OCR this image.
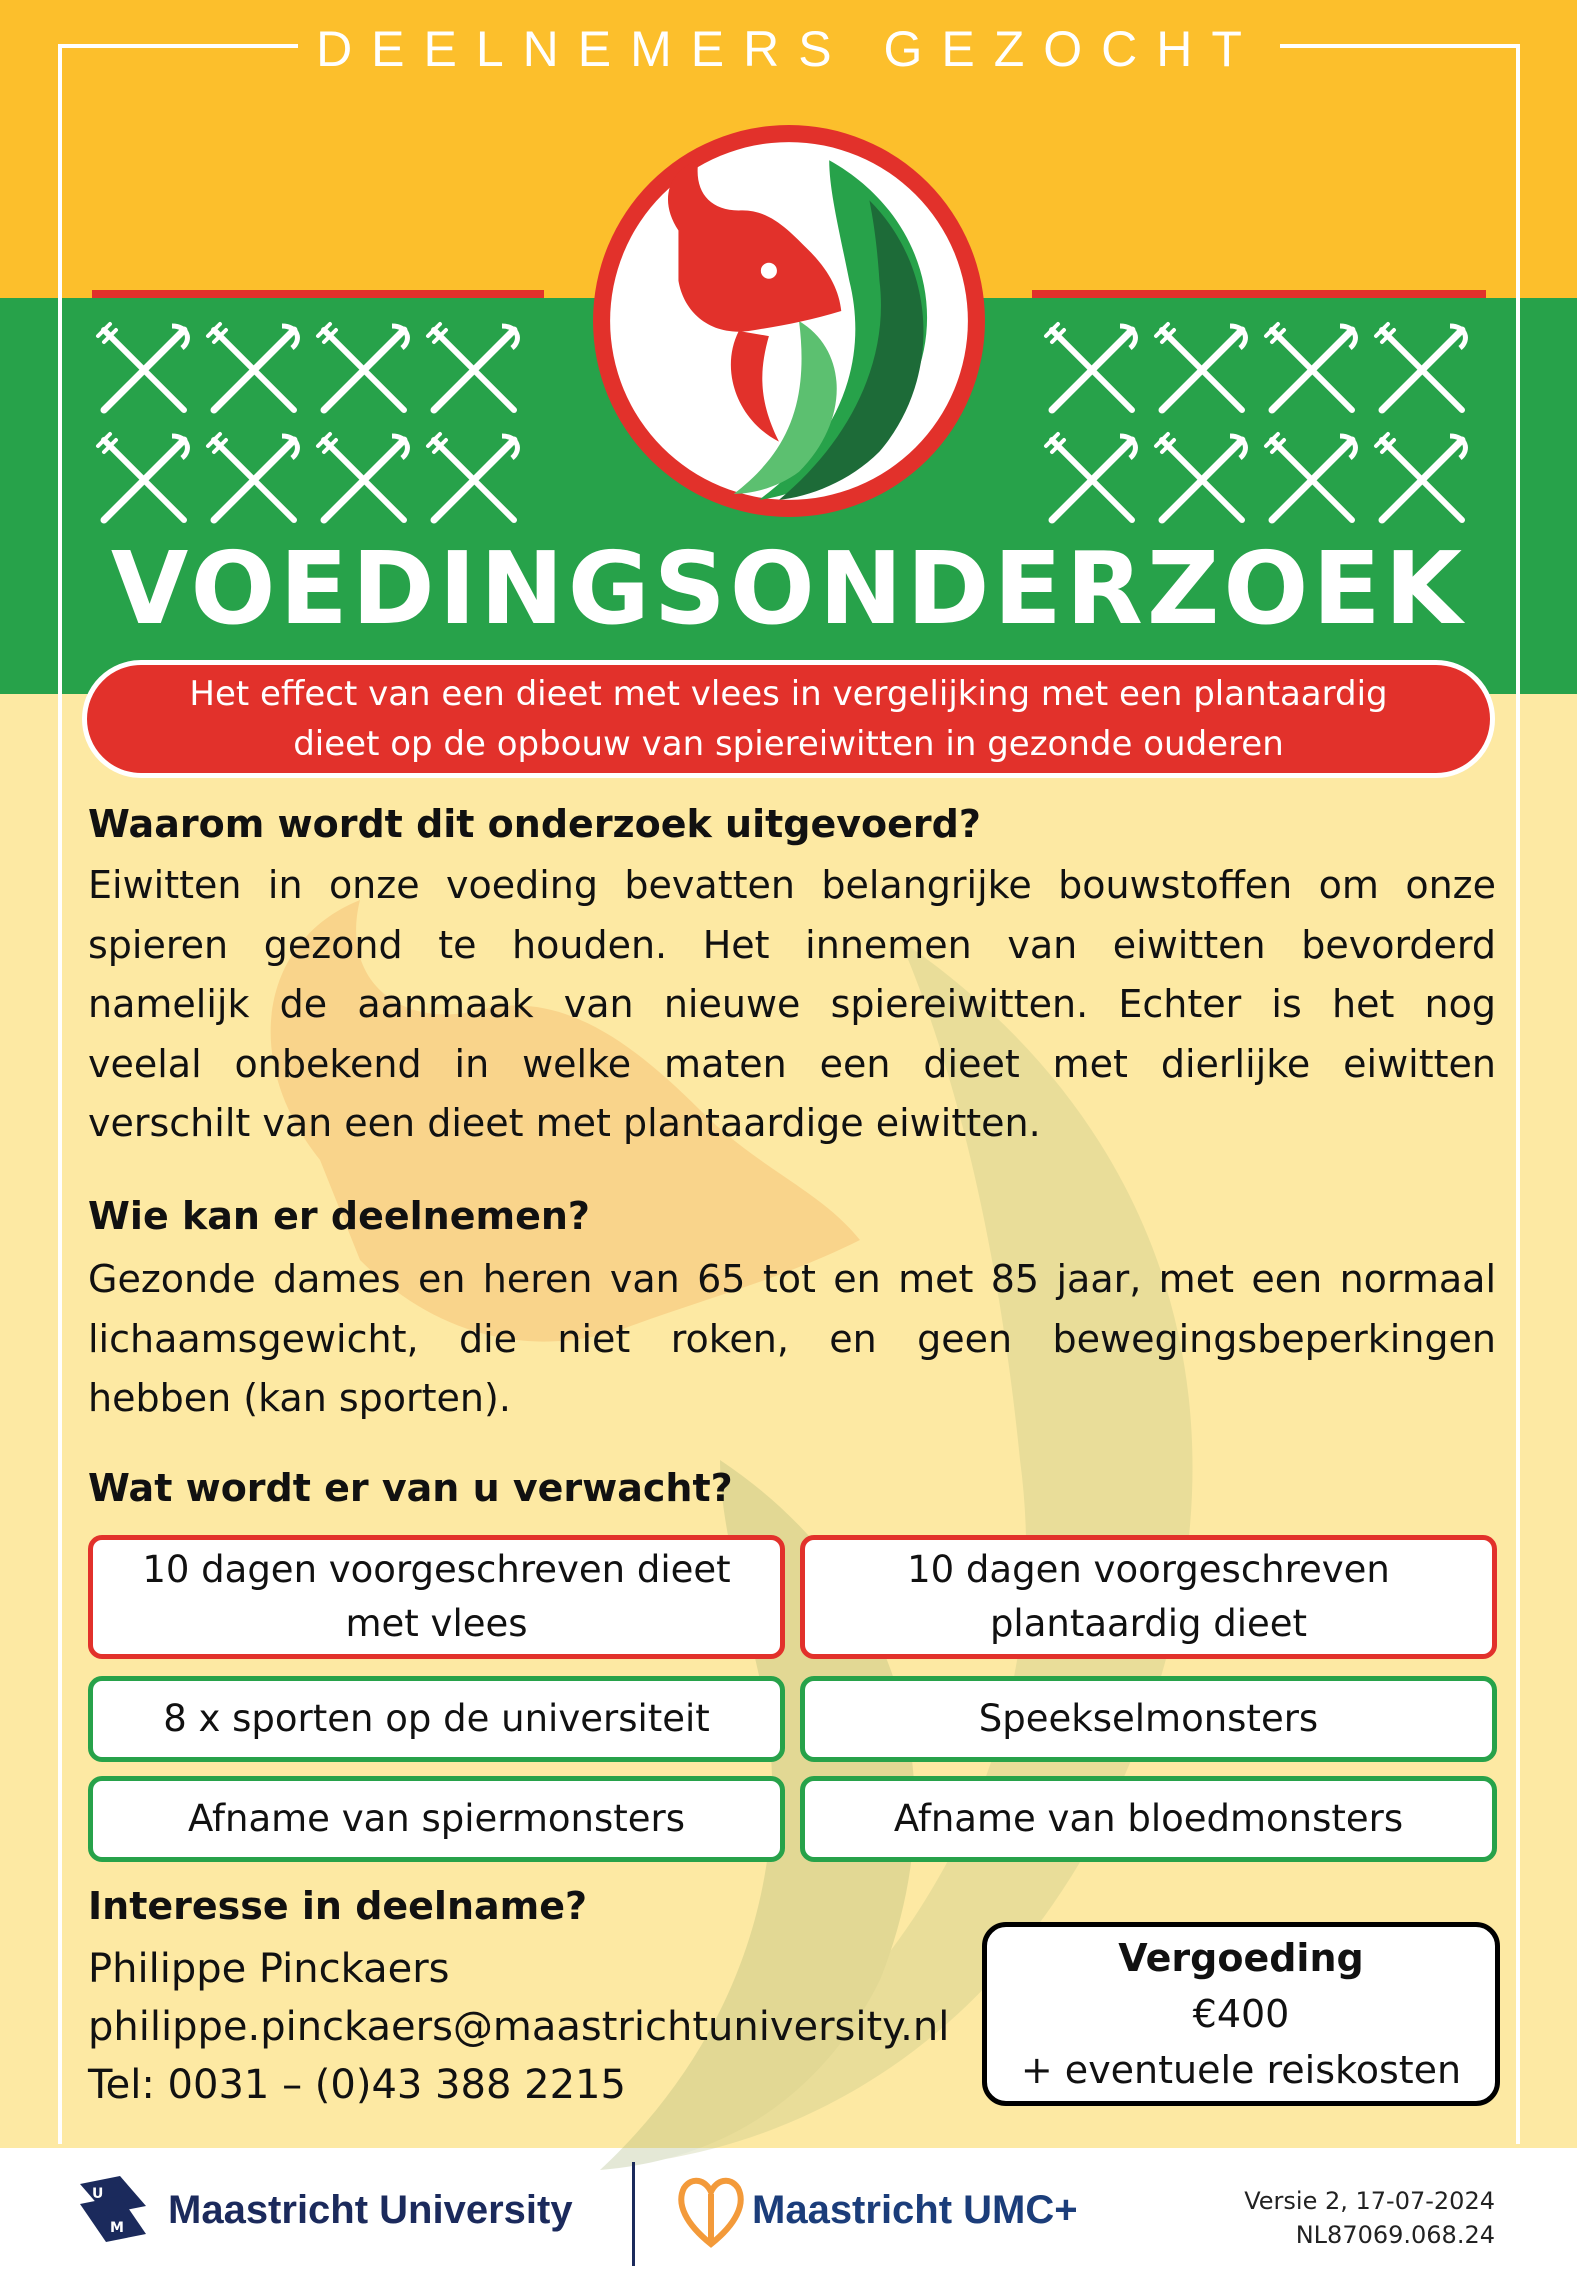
DEELNEMERS GEZOCHT
VOEDINGSONDERZOEK
Het effect van een dieet met vlees in vergelijking met een plantaardig
dieet op de opbouw van spiereiwitten in gezonde ouderen
Waarom wordt dit onderzoek uitgevoerd?
Eiwitten in onze voeding bevatten belangrijke bouwstoffen om onze
spieren gezond te houden. Het innemen van eiwitten bevorderd
namelijk de aanmaak van nieuwe spiereiwitten. Echter is het nog
veelal onbekend in welke maten een dieet met dierlijke eiwitten
verschilt van een dieet met plantaardige eiwitten.
Wie kan er deelnemen?
Gezonde dames en heren van 65 tot en met 85 jaar, met een normaal
lichaamsgewicht, die niet roken, en geen bewegingsbeperkingen
hebben (kan sporten).
Wat wordt er van u verwacht?
10 dagen voorgeschreven dieet
met vlees
10 dagen voorgeschreven
plantaardig dieet
8 x sporten op de universiteit	Speekselmonsters
Afname van spiermonsters	Afname van bloedmonsters
Interesse in deelname?
Philippe Pinckaers
philippe.pinckaers@maastrichtuniversity.nl
Tel: 0031 – (0)43 388 2215
Vergoeding
€400
+ eventuele reiskosten
U
M Maastricht University	Maastricht UMC+	Versie 2, 17-07-2024
NL87069.068.24
